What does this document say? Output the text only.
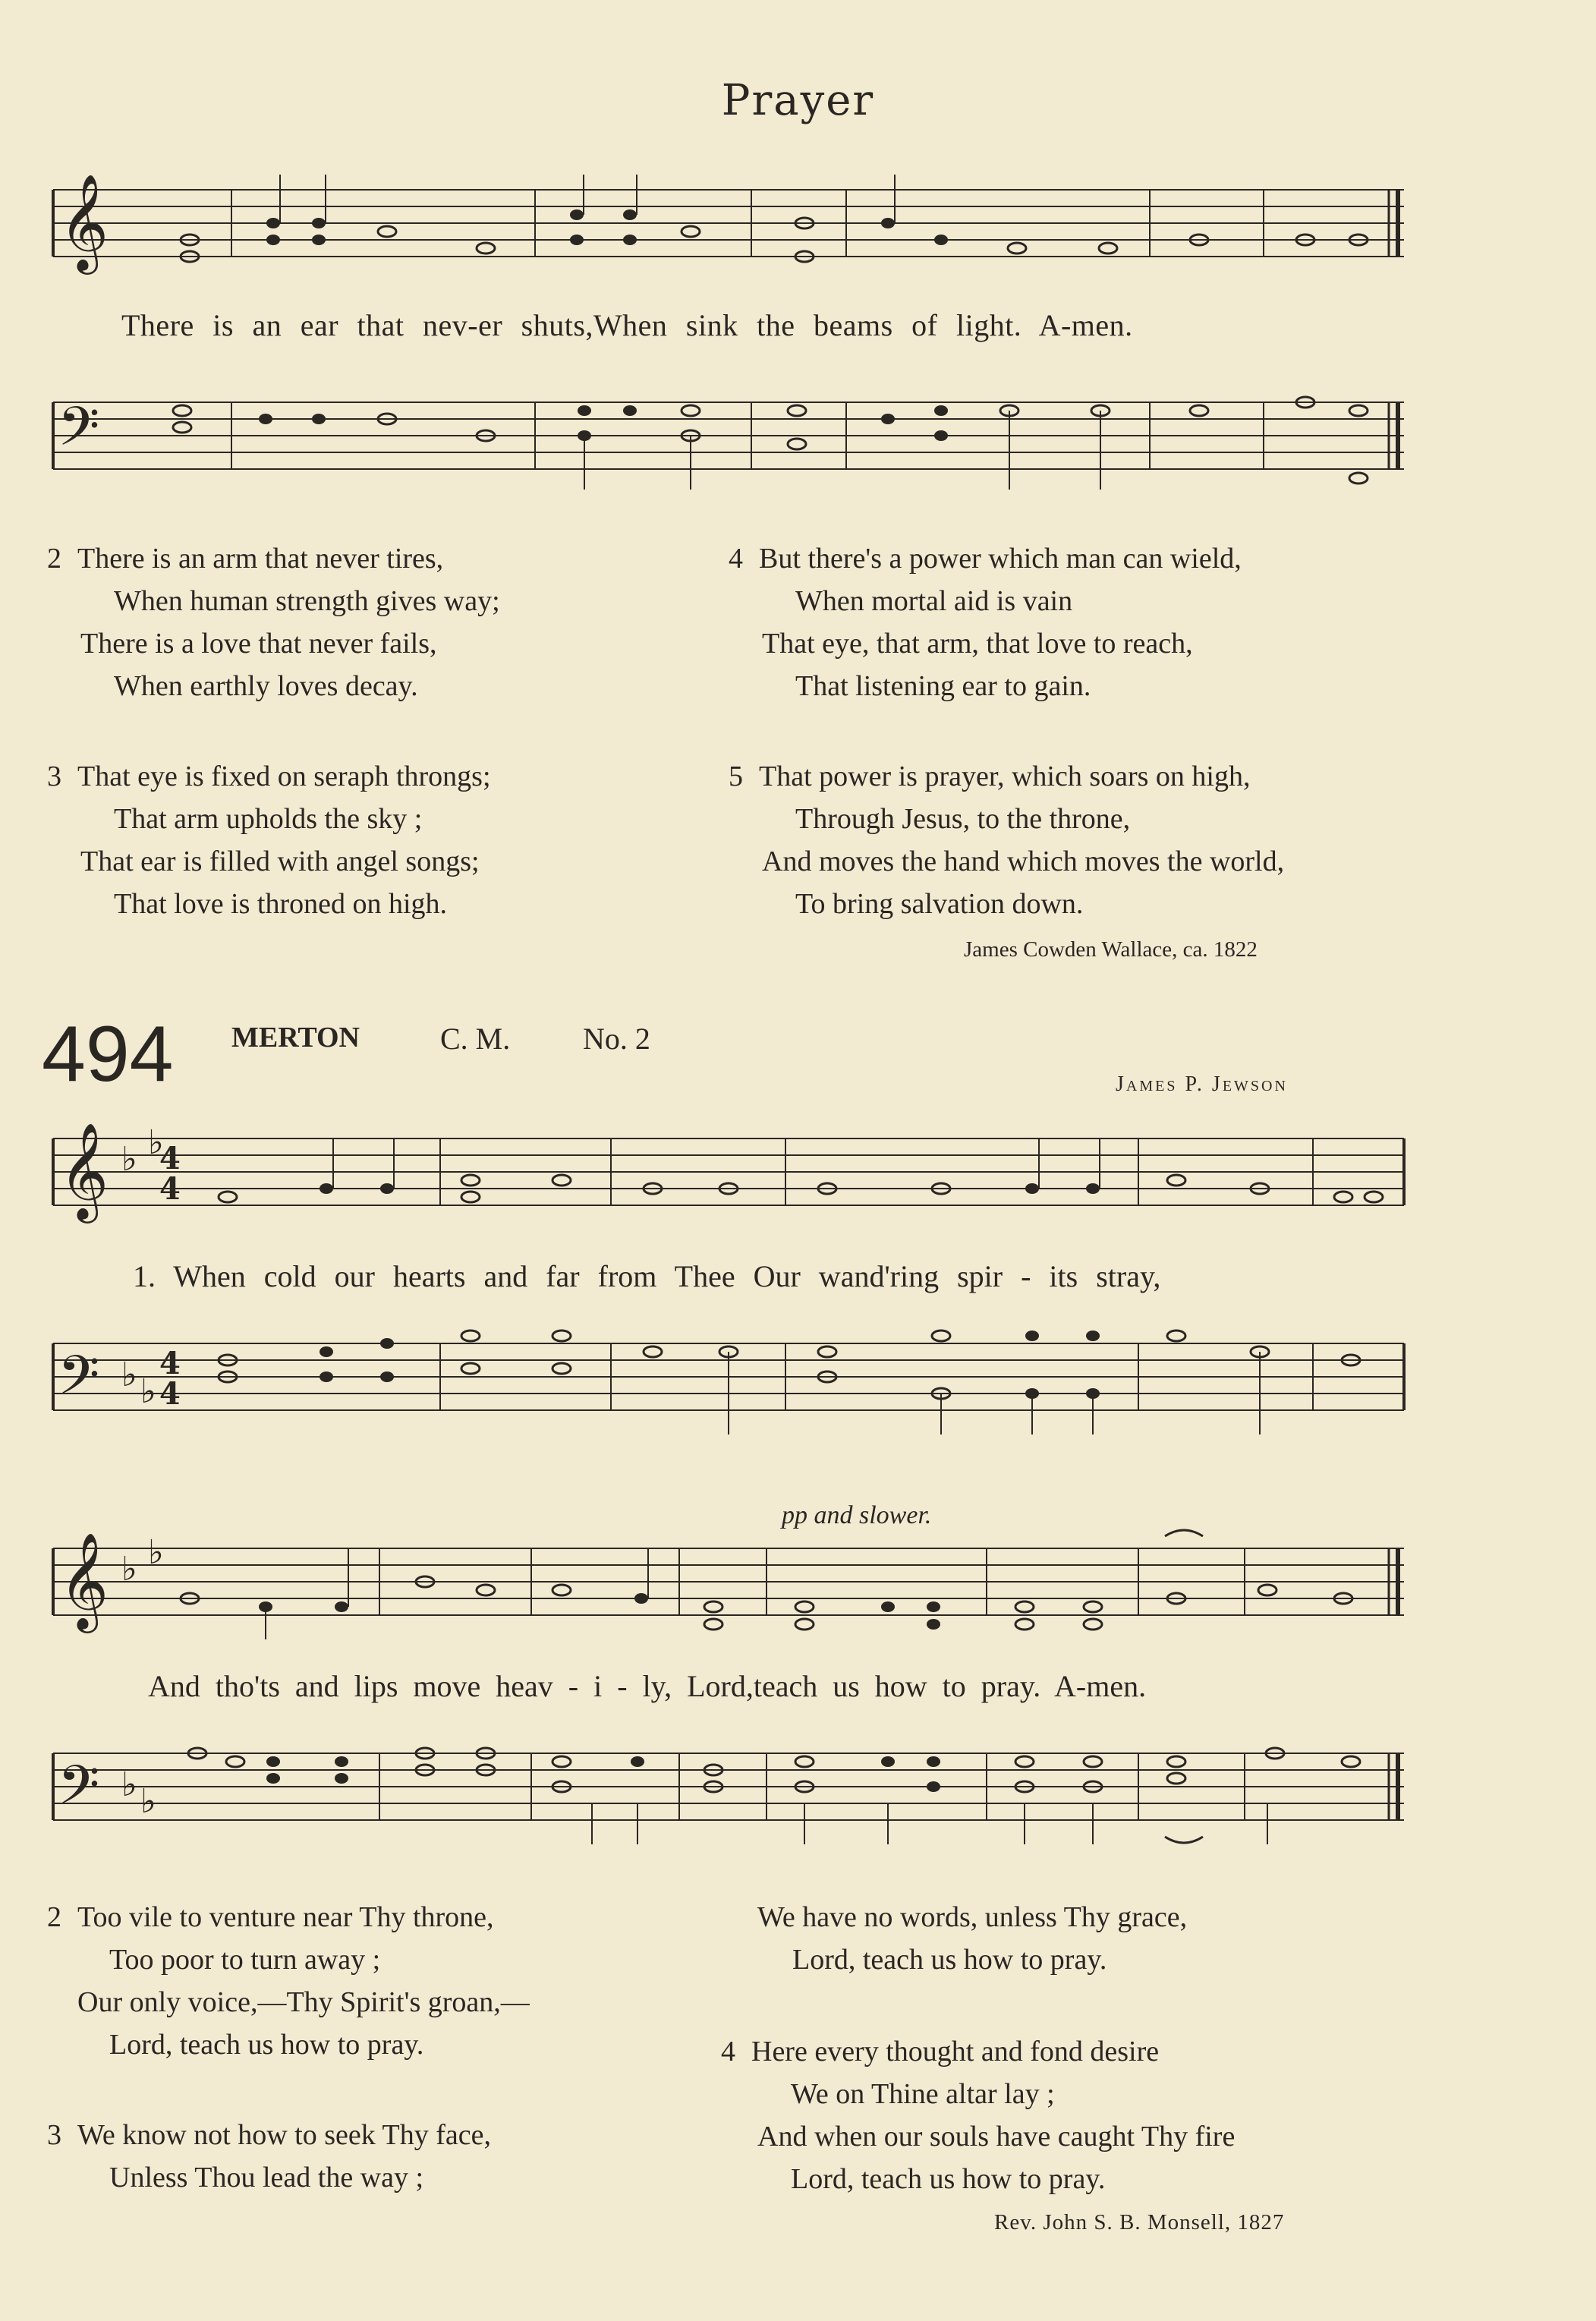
Prayer
𝄞
There is an ear that nev-er shuts,When sink the beams of light. A-men.
𝄢
2 There is an arm that never tires,
When human strength gives way;
There is a love that never fails,
When earthly loves decay.
3 That eye is fixed on seraph throngs;
That arm upholds the sky ;
That ear is filled with angel songs;
That love is throned on high.
4 But there's a power which man can wield,
When mortal aid is vain
That eye, that arm, that love to reach,
That listening ear to gain.
5 That power is prayer, which soars on high,
Through Jesus, to the throne,
And moves the hand which moves the world,
To bring salvation down.
James Cowden Wallace, ca. 1822
494 MERTON	C. M. No. 2
James P. Jewson
𝄞 ♭ ♭
4
4
1. When cold our hearts and far from Thee Our wand'ring spir - its stray,
𝄢 ♭ ♭
4
4
pp and slower.
𝄞 ♭ ♭
And tho'ts and lips move heav - i - ly, Lord,teach us how to pray. A-men.
𝄢 ♭ ♭
2 Too vile to venture near Thy throne,
Too poor to turn away ;
Our only voice,—Thy Spirit's groan,—
Lord, teach us how to pray.
3 We know not how to seek Thy face,
Unless Thou lead the way ;
We have no words, unless Thy grace,
Lord, teach us how to pray.
4 Here every thought and fond desire
We on Thine altar lay ;
And when our souls have caught Thy fire
Lord, teach us how to pray.
Rev. John S. B. Monsell, 1827
